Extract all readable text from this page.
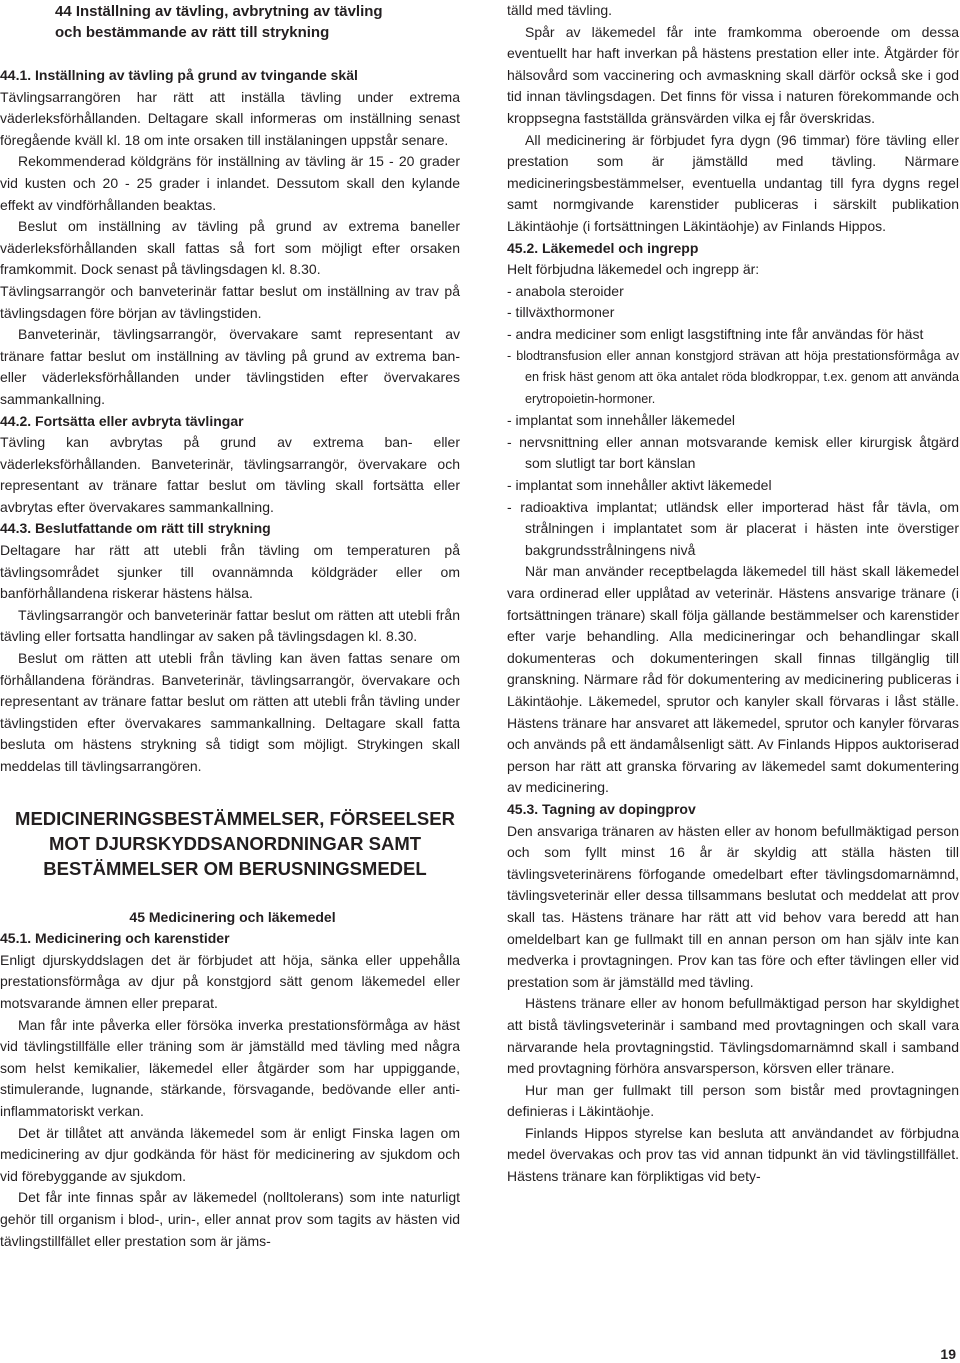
44 Inställning av tävling, avbrytning av tävling
och bestämmande av rätt till strykning

44.1. Inställning av tävling på grund av tvingande skäl

Tävlingsarrangören har rätt att inställa tävling under extrema väderleksförhållanden. Deltagare skall informeras om inställning senast föregående kväll kl. 18 om inte orsaken till instälaningen uppstår senare.

Rekommenderad köldgräns för inställning av tävling är 15 - 20 grader vid kusten och 20 - 25 grader i inlandet. Dessutom skall den kylande effekt av vindförhållanden beaktas.

Beslut om inställning av tävling på grund av extrema baneller väderleksförhållanden skall fattas så fort som möjligt efter orsaken framkommit. Dock senast på tävlingsdagen kl. 8.30.

Tävlingsarrangör och banveterinär fattar beslut om inställning av trav på tävlingsdagen före början av tävlingstiden.

Banveterinär, tävlingsarrangör, övervakare samt representant av tränare fattar beslut om inställning av tävling på grund av extrema ban- eller väderleksförhållanden under tävlingstiden efter övervakares sammankallning.

44.2. Fortsätta eller avbryta tävlingar

Tävling kan avbrytas på grund av extrema ban- eller väderleksförhållanden. Banveterinär, tävlingsarrangör, övervakare och representant av tränare fattar beslut om tävling skall fortsätta eller avbrytas efter övervakares sammankallning.

44.3. Beslutfattande om rätt till strykning

Deltagare har rätt att utebli från tävling om temperaturen på tävlingsområdet sjunker till ovannämnda köldgräder eller om banförhållandena riskerar hästens hälsa.

Tävlingsarrangör och banveterinär fattar beslut om rätten att utebli från tävling eller fortsatta handlingar av saken på tävlingsdagen kl. 8.30.

Beslut om rätten att utebli från tävling kan även fattas senare om förhållandena förändras. Banveterinär, tävlingsarrangör, övervakare och representant av tränare fattar beslut om rätten att utebli från tävling under tävlingstiden efter övervakares sammankallning. Deltagare skall fatta besluta om hästens strykning så tidigt som möjligt. Strykingen skall meddelas till tävlingsarrangören.

MEDICINERINGSBESTÄMMELSER, FÖRSEELSER MOT DJURSKYDDSANORDNINGAR SAMT BESTÄMMELSER OM BERUSNINGSMEDEL

45 Medicinering och läkemedel

45.1. Medicinering och karenstider

Enligt djurskyddslagen det är förbjudet att höja, sänka eller uppehålla prestationsförmåga av djur på konstgjord sätt genom läkemedel eller motsvarande ämnen eller preparat.

Man får inte påverka eller försöka inverka prestationsförmåga av häst vid tävlingstillfälle eller träning som är jämställd med tävling med några som helst kemikalier, läkemedel eller åtgärder som har uppiggande, stimulerande, lugnande, stärkande, försvagande, bedövande eller anti-inflammatoriskt verkan.

Det är tillåtet att använda läkemedel som är enligt Finska lagen om medicinering av djur godkända för häst för medicinering av sjukdom och vid förebyggande av sjukdom.

Det får inte finnas spår av läkemedel (nolltolerans) som inte naturligt gehör till organism i blod-, urin-, eller annat prov som tagits av hästen vid tävlingstillfället eller prestation som är jäms-

tälld med tävling.

Spår av läkemedel får inte framkomma oberoende om dessa eventuellt har haft inverkan på hästens prestation eller inte. Åtgärder för hälsovård som vaccinering och avmaskning skall därför också ske i god tid innan tävlingsdagen. Det finns för vissa i naturen förekommande och kroppsegna fastställda gränsvärden vilka ej får överskridas.

All medicinering är förbjudet fyra dygn (96 timmar) före tävling eller prestation som är jämställd med tävling. Närmare medicineringsbestämmelser, eventuella undantag till fyra dygns regel samt normgivande karenstider publiceras i särskilt publikation Läkintäohje (i fortsättningen Läkintäohje) av Finlands Hippos.

45.2. Läkemedel och ingrepp

Helt förbjudna läkemedel och ingrepp är:

- anabola steroider

- tillväxthormoner

- andra mediciner som enligt lasgstiftning inte får användas för häst

- blodtransfusion eller annan konstgjord strävan att höja prestationsförmåga av en frisk häst genom att öka antalet röda blodkroppar, t.ex. genom att använda erytropoietin-hormoner.

- implantat som innehåller läkemedel

- nervsnittning eller annan motsvarande kemisk eller kirurgisk åtgärd som slutligt tar bort känslan

- implantat som innehåller aktivt läkemedel

- radioaktiva implantat; utländsk eller importerad häst får tävla, om strålningen i implantatet som är placerat i hästen inte överstiger bakgrundsstrålningens nivå

När man använder receptbelagda läkemedel till häst skall läkemedel vara ordinerad eller upplåtad av veterinär. Hästens ansvarige tränare (i fortsättningen tränare) skall följa gällande bestämmelser och karenstider efter varje behandling. Alla medicineringar och behandlingar skall dokumenteras och dokumenteringen skall finnas tillgänglig till granskning. Närmare råd för dokumentering av medicinering publiceras i Läkintäohje. Läkemedel, sprutor och kanyler skall förvaras i låst ställe. Hästens tränare har ansvaret att läkemedel, sprutor och kanyler förvaras och används på ett ändamålsenligt sätt. Av Finlands Hippos auktoriserad person har rätt att granska förvaring av läkemedel samt dokumentering av medicinering.

45.3. Tagning av dopingprov

Den ansvariga tränaren av hästen eller av honom befullmäktigad person och som fyllt minst 16 år är skyldig att ställa hästen till tävlingsveterinärens förfogande omedelbart efter tävlingsdomarnämnd, tävlingsveterinär eller dessa tillsammans beslutat och meddelat att prov skall tas. Hästens tränare har rätt att vid behov vara beredd att han omeldelbart kan ge fullmakt till en annan person om han själv inte kan medverka i provtagningen. Prov kan tas före och efter tävlingen eller vid prestation som är jämställd med tävling.

Hästens tränare eller av honom befullmäktigad person har skyldighet att bistå tävlingsveterinär i samband med provtagningen och skall vara närvarande hela provtagningstid. Tävlingsdomarnämnd skall i samband med provtagning förhöra ansvarsperson, körsven eller tränare.

Hur man ger fullmakt till person som bistår med provtagningen definieras i Läkintäohje.

Finlands Hippos styrelse kan besluta att användandet av förbjudna medel övervakas och prov tas vid annan tidpunkt än vid tävlingstillfället. Hästens tränare kan förpliktigas vid bety-

19
